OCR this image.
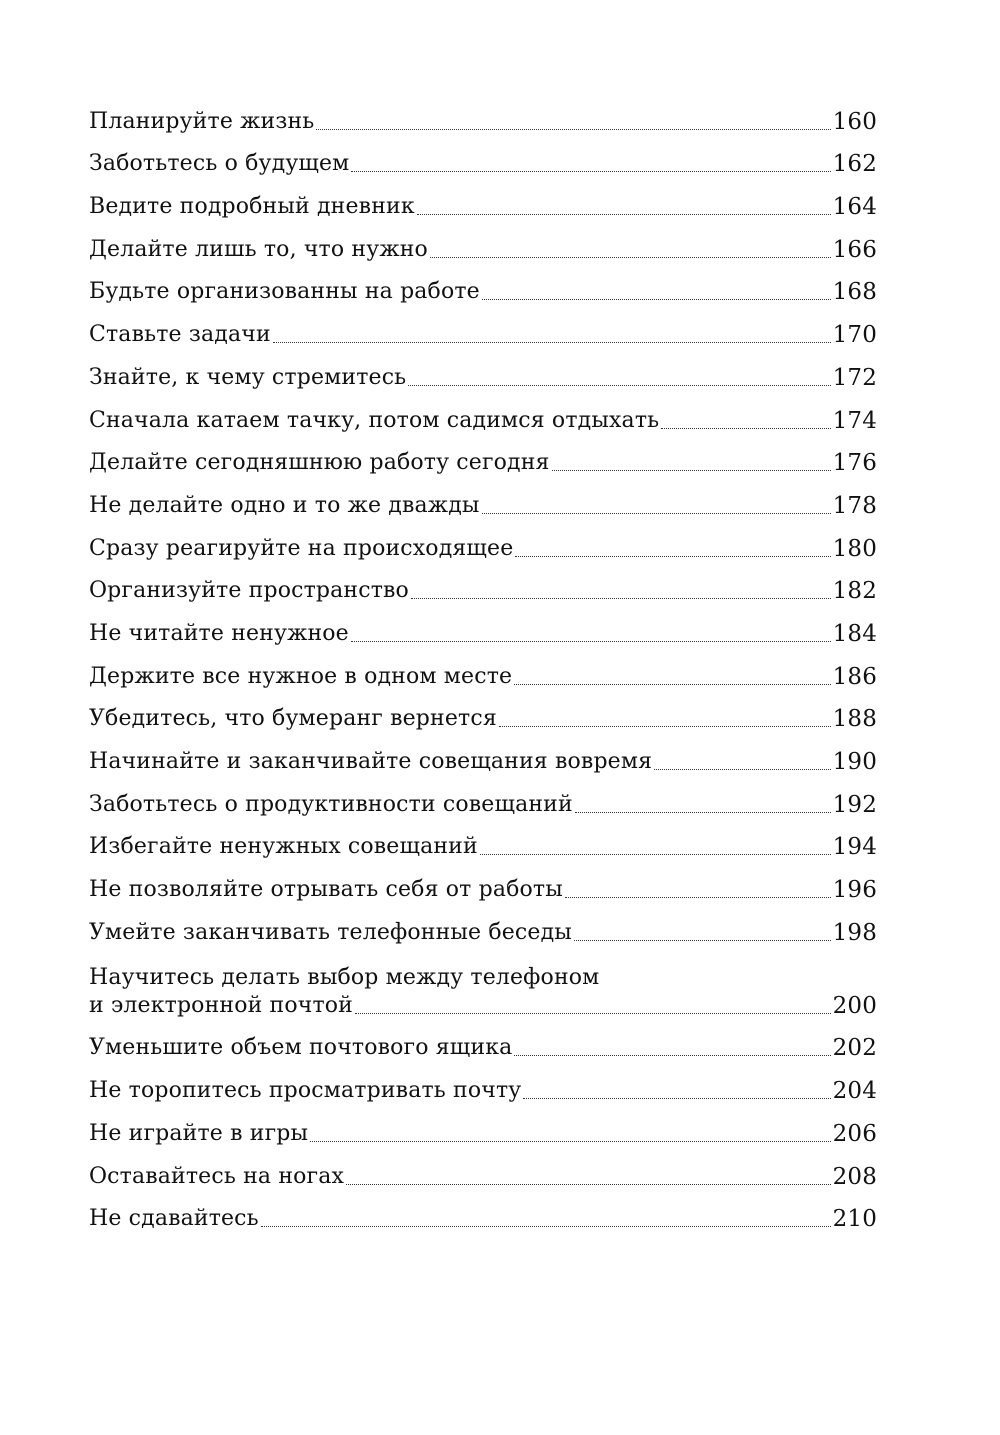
Планируйте жизнь	160
Заботьтесь о будущем	162
Ведите подробный дневник	164
Делайте лишь то, что нужно	166
Будьте организованны на работе	168
Ставьте задачи	170
Знайте, к чему стремитесь	172
Сначала катаем тачку, потом садимся отдыхать	174
Делайте сегодняшнюю работу сегодня	176
Не делайте одно и то же дважды	178
Сразу реагируйте на происходящее	180
Организуйте пространство	182
Не читайте ненужное	184
Держите все нужное в одном месте	186
Убедитесь, что бумеранг вернется	188
Начинайте и заканчивайте совещания вовремя	190
Заботьтесь о продуктивности совещаний	192
Избегайте ненужных совещаний	194
Не позволяйте отрывать себя от работы	196
Умейте заканчивать телефонные беседы	198
Научитесь делать выбор между телефоном
и электронной почтой	200
Уменьшите объем почтового ящика	202
Не торопитесь просматривать почту	204
Не играйте в игры	206
Оставайтесь на ногах	208
Не сдавайтесь	210
